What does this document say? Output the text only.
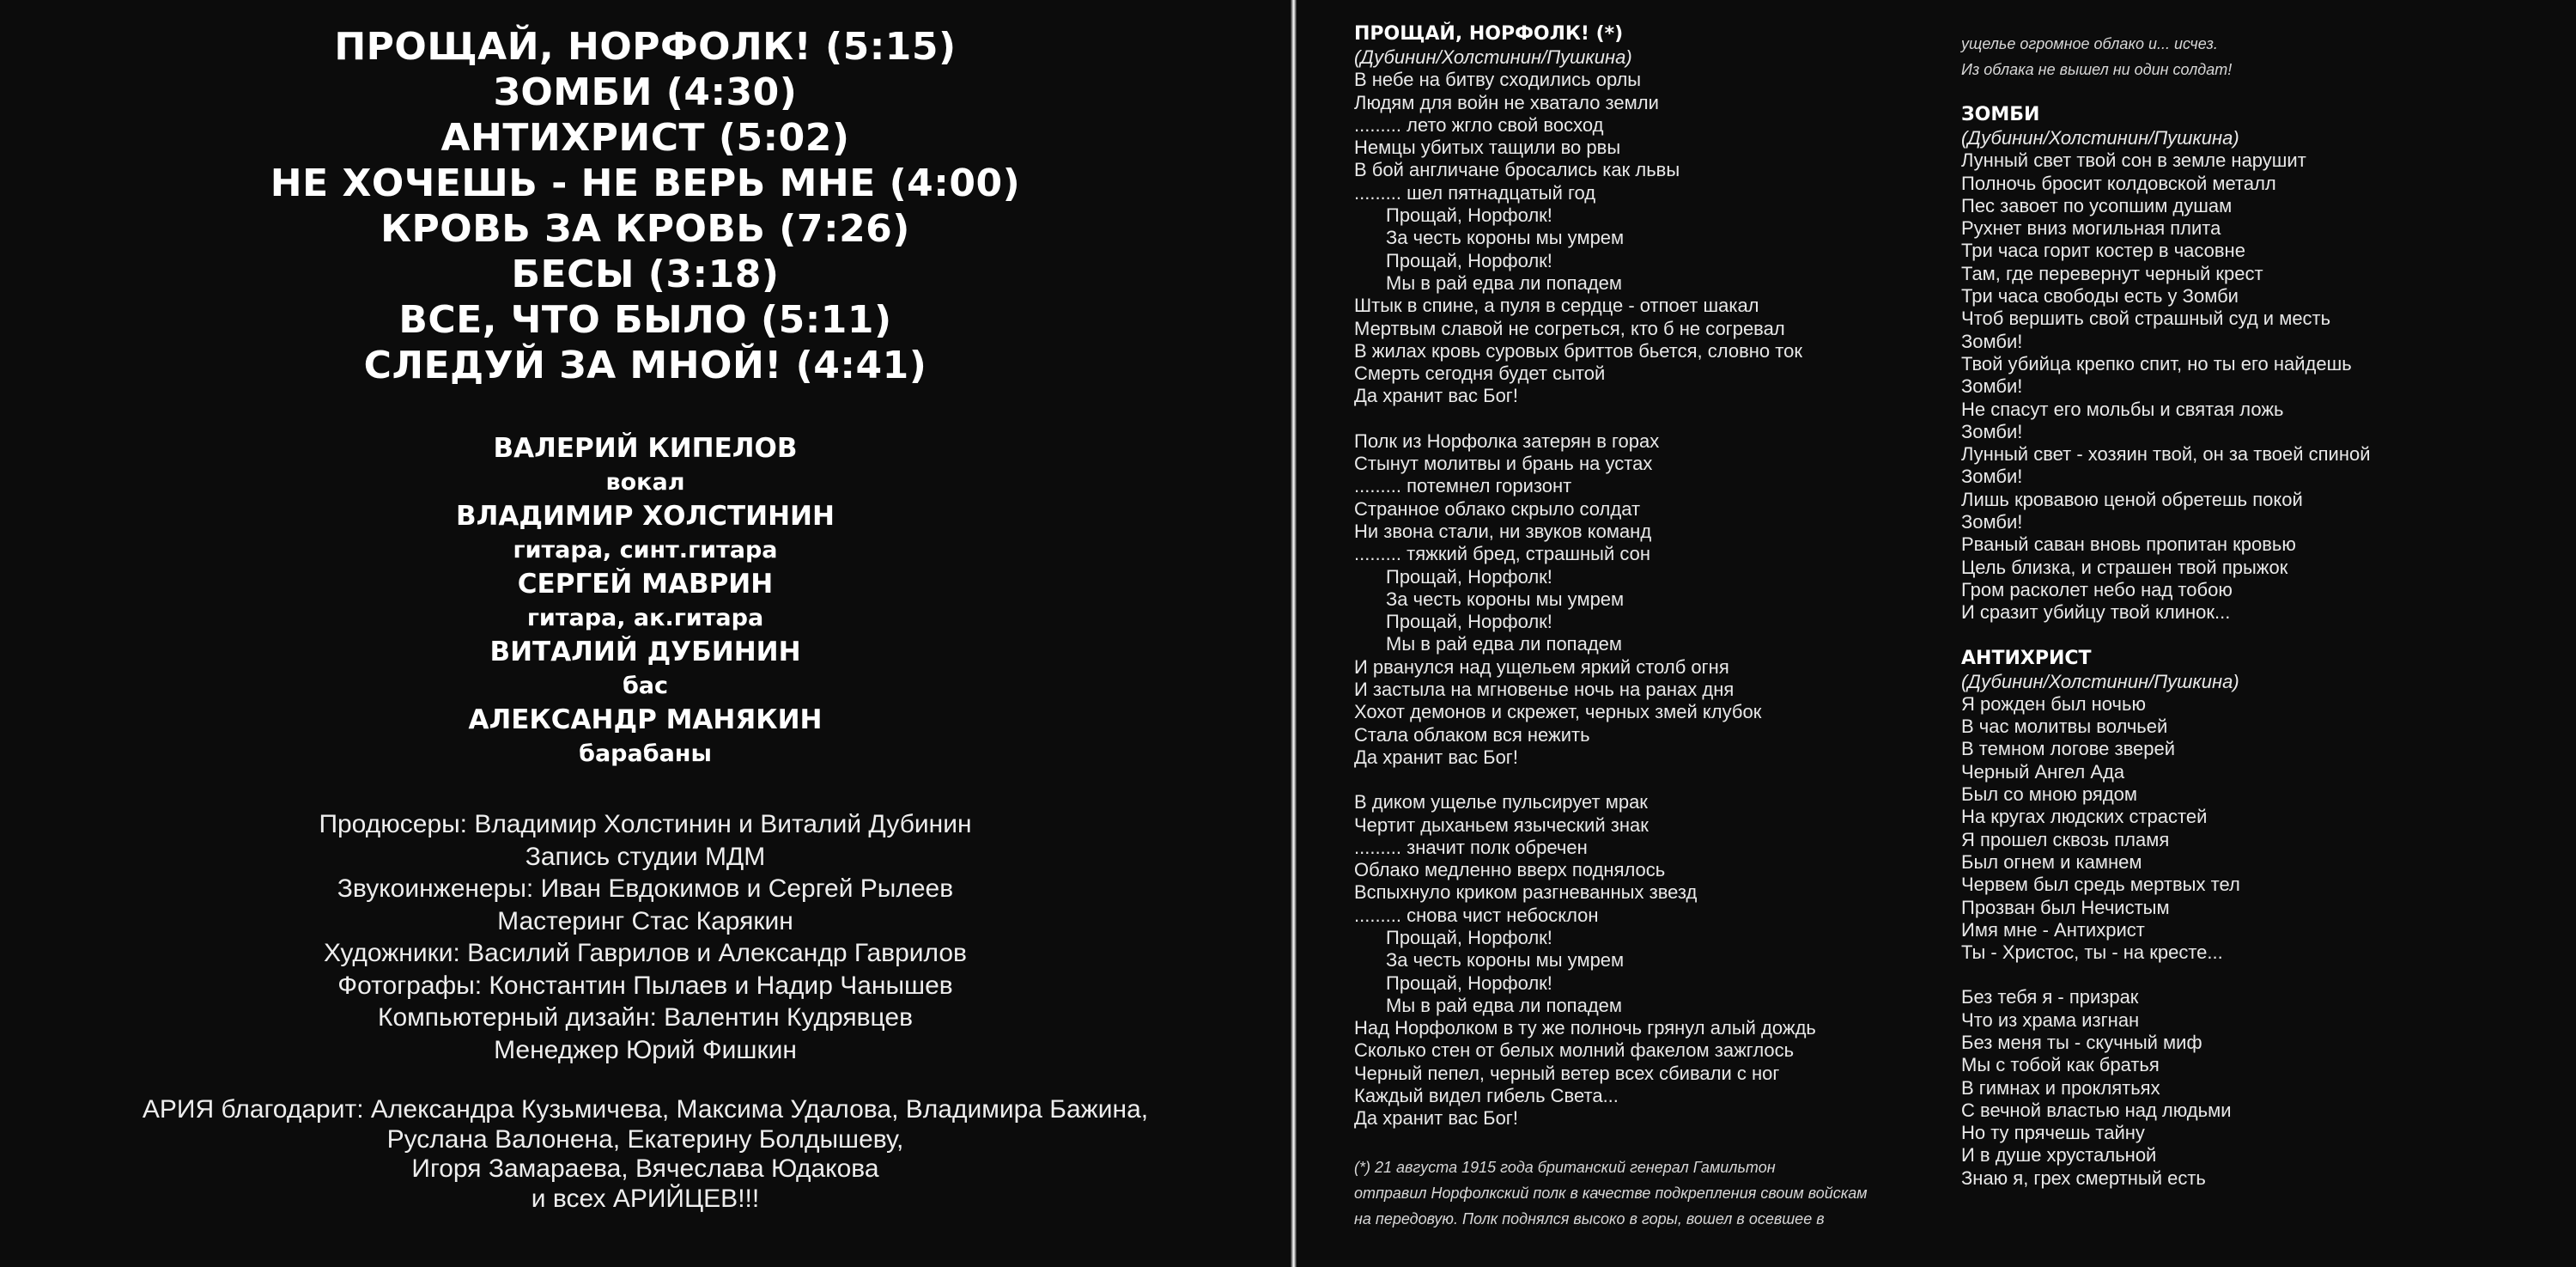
ПРОЩАЙ, НОРФОЛК! (5:15)
ЗОМБИ (4:30)
АНТИХРИСТ (5:02)
НЕ ХОЧЕШЬ - НЕ ВЕРЬ МНЕ (4:00)
КРОВЬ ЗА КРОВЬ (7:26)
БЕСЫ (3:18)
ВСЕ, ЧТО БЫЛО (5:11)
СЛЕДУЙ ЗА МНОЙ! (4:41)
ВАЛЕРИЙ КИПЕЛОВ
вокал
ВЛАДИМИР ХОЛСТИНИН
гитара, синт.гитара
СЕРГЕЙ МАВРИН
гитара, ак.гитара
ВИТАЛИЙ ДУБИНИН
бас
АЛЕКСАНДР МАНЯКИН
барабаны
Продюсеры: Владимир Холстинин и Виталий Дубинин
Запись студии МДМ
Звукоинженеры: Иван Евдокимов и Сергей Рылеев
Мастеринг Стас Карякин
Художники: Василий Гаврилов и Александр Гаврилов
Фотографы: Константин Пылаев и Надир Чанышев
Компьютерный дизайн: Валентин Кудрявцев
Менеджер Юрий Фишкин
АРИЯ благодарит: Александра Кузьмичева, Максима Удалова, Владимира Бажина,
Руслана Валонена, Екатерину Болдышеву,
Игоря Замараева, Вячеслава Юдакова
и всех АРИЙЦЕВ!!!
ПРОЩАЙ, НОРФОЛК! (*)
(Дубинин/Холстинин/Пушкина)
В небе на битву сходились орлы
Людям для войн не хватало земли
......... лето жгло свой восход
Немцы убитых тащили во рвы
В бой англичане бросались как львы
......... шел пятнадцатый год
Прощай, Норфолк!
За честь короны мы умрем
Прощай, Норфолк!
Мы в рай едва ли попадем
Штык в спине, а пуля в сердце - отпоет шакал
Мертвым славой не согреться, кто б не согревал
В жилах кровь суровых бриттов бьется, словно ток
Смерть сегодня будет сытой
Да хранит вас Бог!
Полк из Норфолка затерян в горах
Стынут молитвы и брань на устах
......... потемнел горизонт
Странное облако скрыло солдат
Ни звона стали, ни звуков команд
......... тяжкий бред, страшный сон
Прощай, Норфолк!
За честь короны мы умрем
Прощай, Норфолк!
Мы в рай едва ли попадем
И рванулся над ущельем яркий столб огня
И застыла на мгновенье ночь на ранах дня
Хохот демонов и скрежет, черных змей клубок
Стала облаком вся нежить
Да хранит вас Бог!
В диком ущелье пульсирует мрак
Чертит дыханьем языческий знак
......... значит полк обречен
Облако медленно вверх поднялось
Вспыхнуло криком разгневанных звезд
......... снова чист небосклон
Прощай, Норфолк!
За честь короны мы умрем
Прощай, Норфолк!
Мы в рай едва ли попадем
Над Норфолком в ту же полночь грянул алый дождь
Сколько стен от белых молний факелом зажглось
Черный пепел, черный ветер всех сбивали с ног
Каждый видел гибель Света...
Да хранит вас Бог!
(*) 21 августа 1915 года британский генерал Гамильтон
отправил Норфолкский полк в качестве подкрепления своим войскам
на передовую. Полк поднялся высоко в горы, вошел в осевшее в
ущелье огромное облако и... исчез.
Из облака не вышел ни один солдат!
ЗОМБИ
(Дубинин/Холстинин/Пушкина)
Лунный свет твой сон в земле нарушит
Полночь бросит колдовской металл
Пес завоет по усопшим душам
Рухнет вниз могильная плита
Три часа горит костер в часовне
Там, где перевернут черный крест
Три часа свободы есть у Зомби
Чтоб вершить свой страшный суд и месть
Зомби!
Твой убийца крепко спит, но ты его найдешь
Зомби!
Не спасут его мольбы и святая ложь
Зомби!
Лунный свет - хозяин твой, он за твоей спиной
Зомби!
Лишь кровавою ценой обретешь покой
Зомби!
Рваный саван вновь пропитан кровью
Цель близка, и страшен твой прыжок
Гром расколет небо над тобою
И сразит убийцу твой клинок...
АНТИХРИСТ
(Дубинин/Холстинин/Пушкина)
Я рожден был ночью
В час молитвы волчьей
В темном логове зверей
Черный Ангел Ада
Был со мною рядом
На кругах людских страстей
Я прошел сквозь пламя
Был огнем и камнем
Червем был средь мертвых тел
Прозван был Нечистым
Имя мне - Антихрист
Ты - Христос, ты - на кресте...
Без тебя я - призрак
Что из храма изгнан
Без меня ты - скучный миф
Мы с тобой как братья
В гимнах и проклятьях
С вечной властью над людьми
Но ту прячешь тайну
И в душе хрустальной
Знаю я, грех смертный есть
